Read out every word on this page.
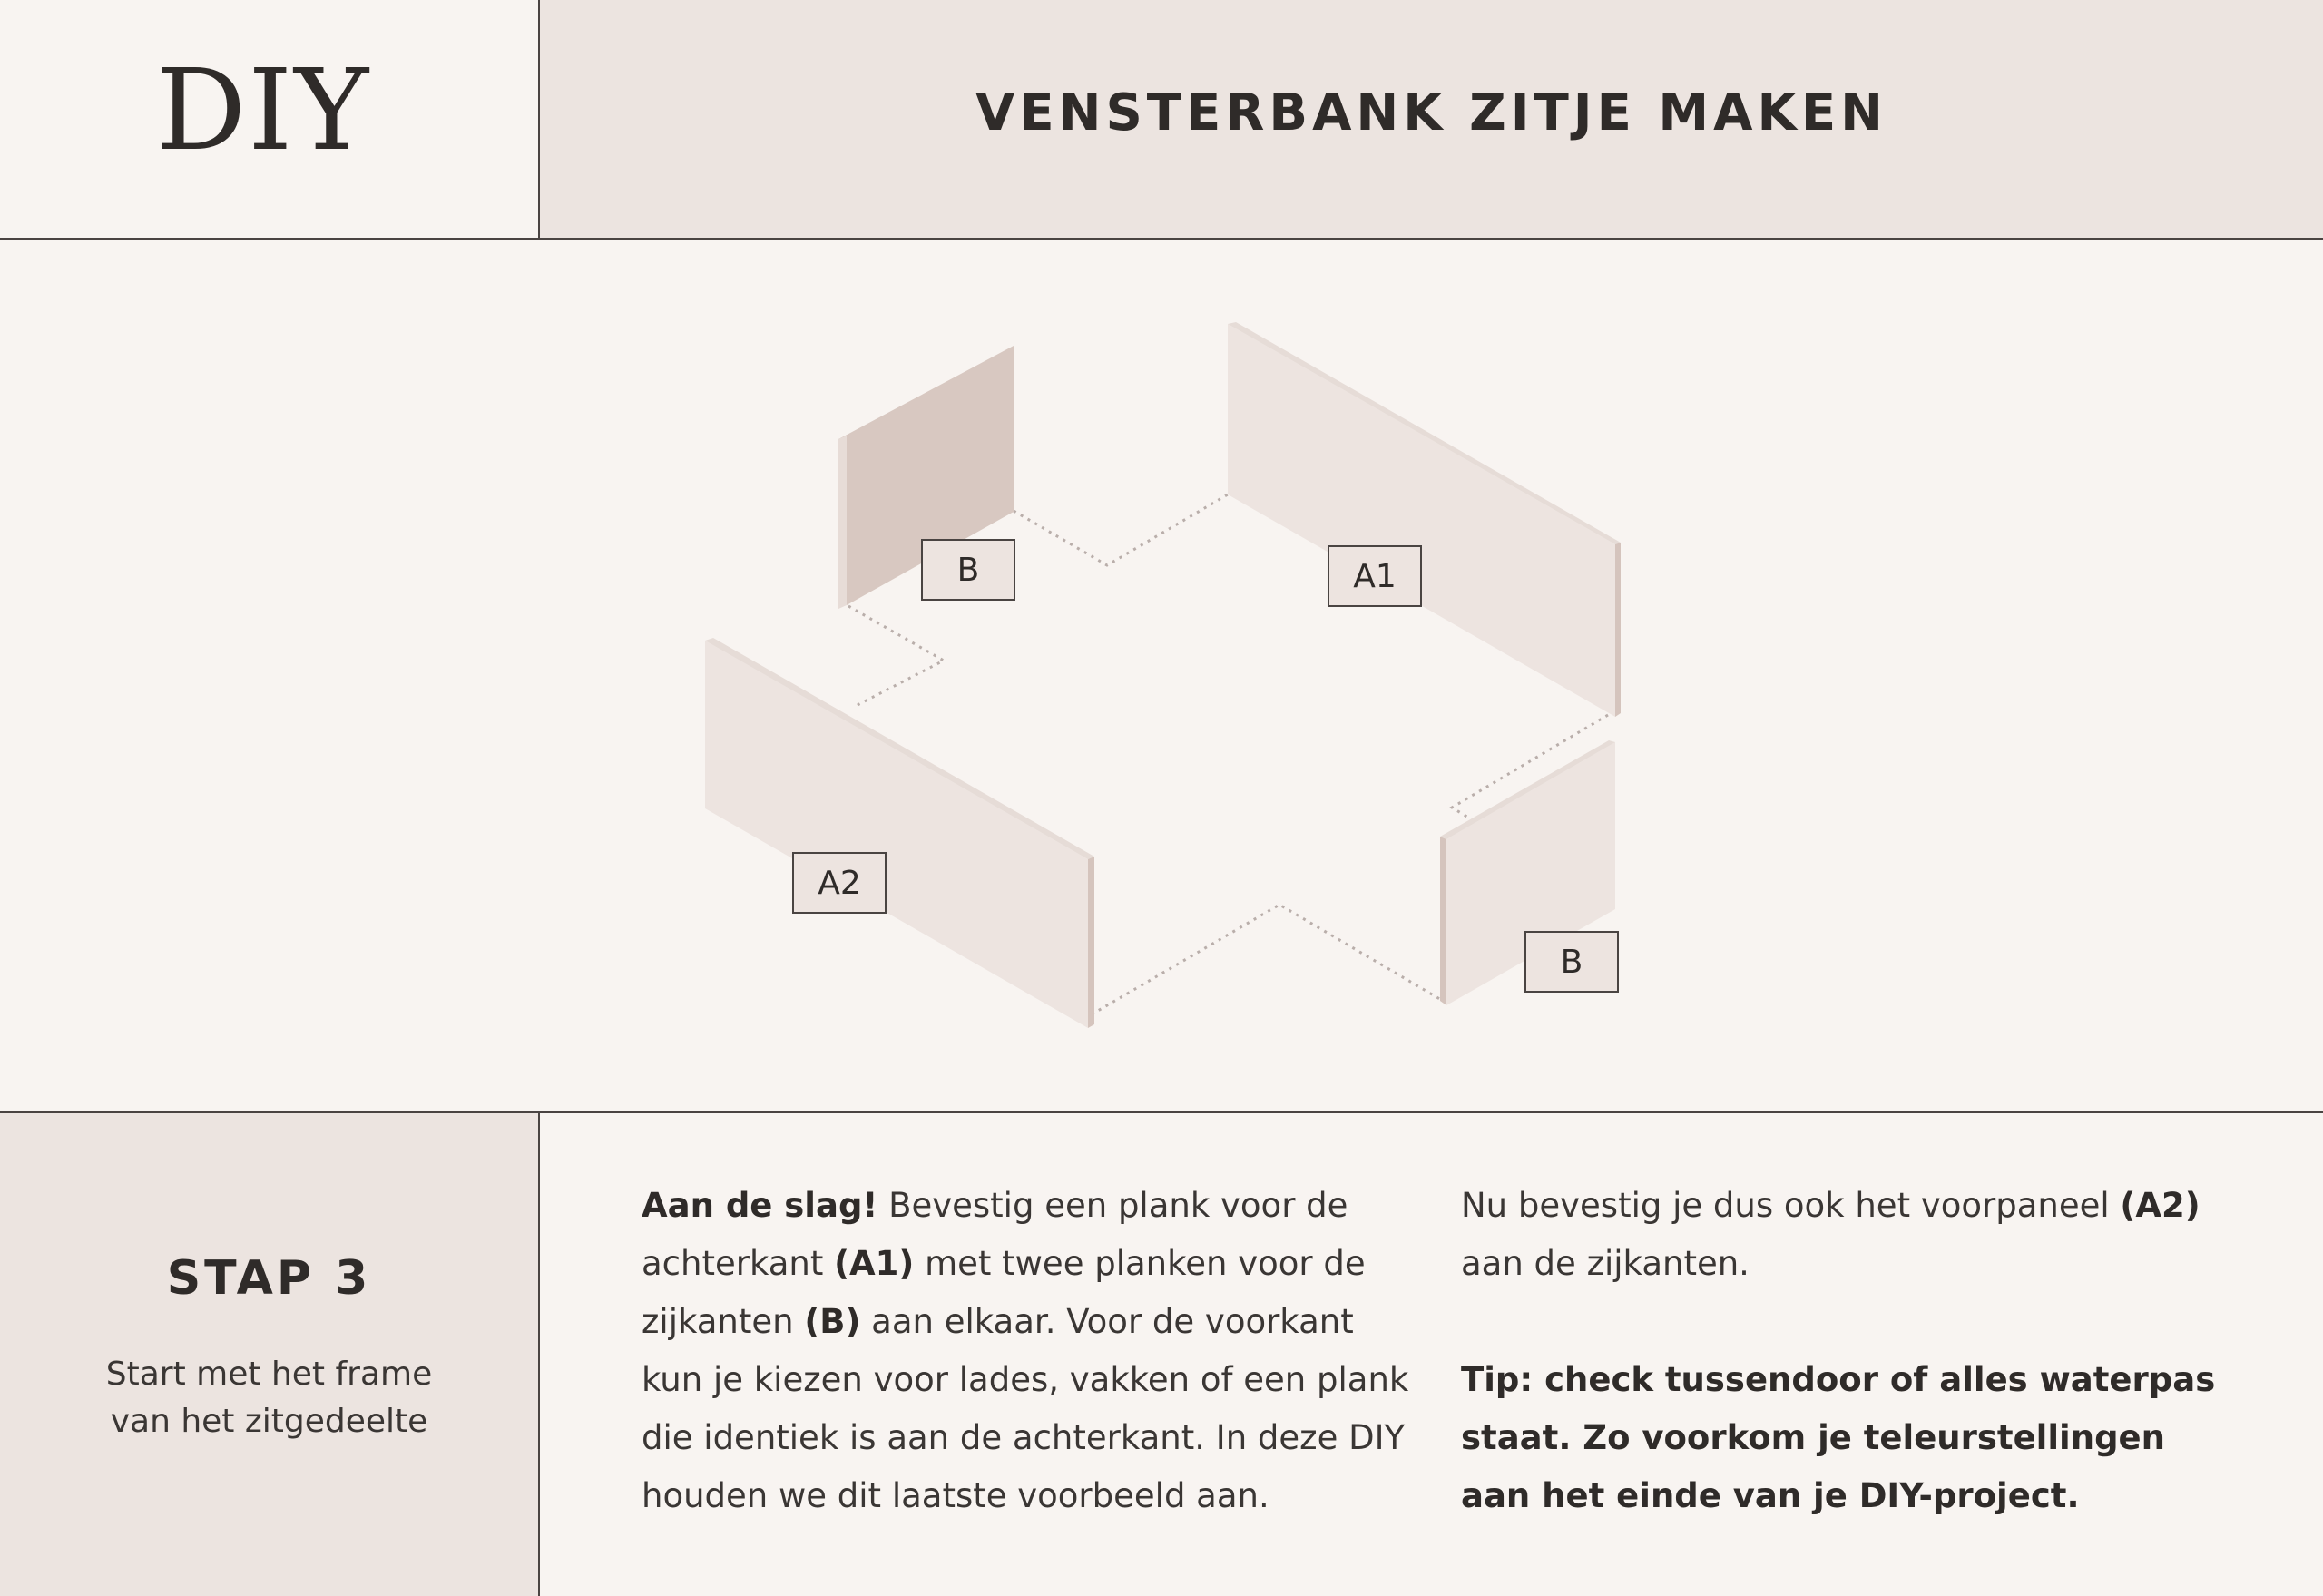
DIY	VENSTERBANK ZITJE MAKEN
B	A1
A2
B
STAP 3
Start met het frame
van het zitgedeelte
Aan de slag! Bevestig een plank voor de achterkant (A1) met twee planken voor de zijkanten (B) aan elkaar. Voor de voorkant kun je kiezen voor lades, vakken of een plank die identiek is aan de achterkant. In deze DIY houden we dit laatste voorbeeld aan.
Nu bevestig je dus ook het voorpaneel (A2) aan de zijkanten.
Tip: check tussendoor of alles waterpas staat. Zo voorkom je teleurstellingen aan het einde van je DIY-project.
